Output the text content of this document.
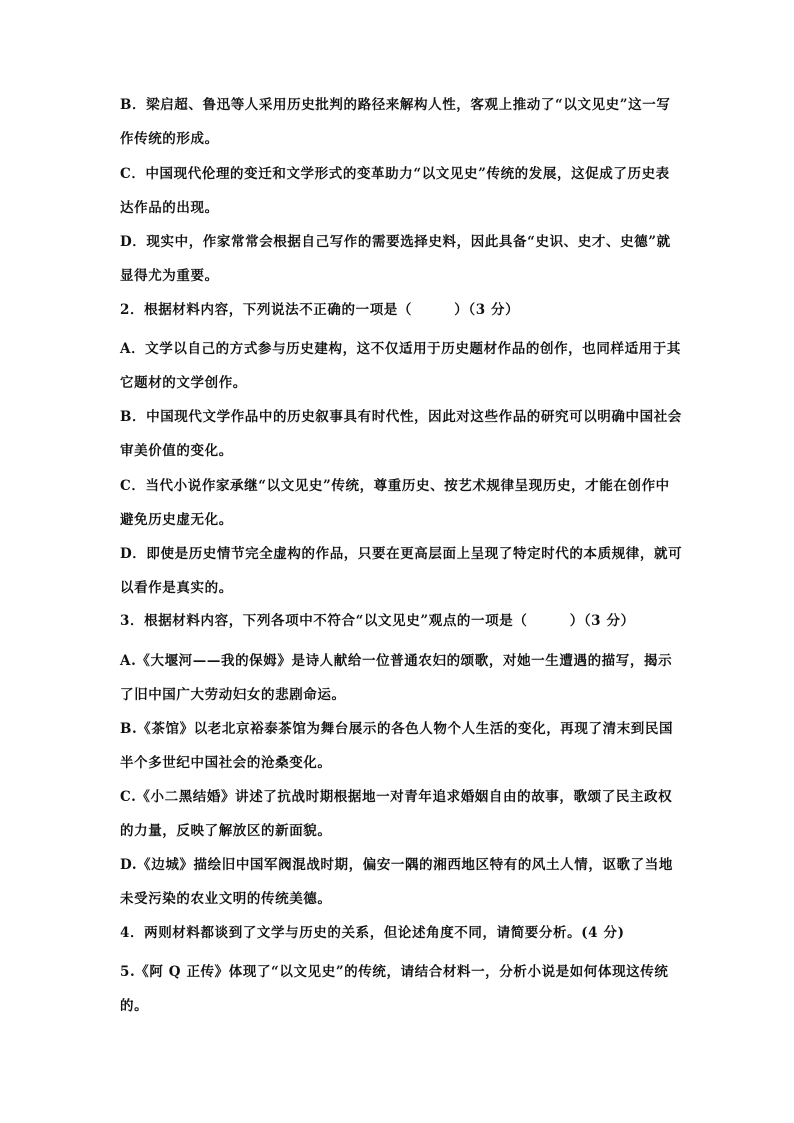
B．梁启超、鲁迅等人采用历史批判的路径来解构人性，客观上推动了“以文见史”这一写
作传统的形成。
C．中国现代伦理的变迁和文学形式的变革助力“以文见史”传统的发展，这促成了历史表
达作品的出现。
D．现实中，作家常常会根据自己写作的需要选择史料，因此具备“史识、史才、史德”就
显得尤为重要。
2．根据材料内容，下列说法不正确的一项是（　　　）（3 分）
A．文学以自己的方式参与历史建构，这不仅适用于历史题材作品的创作，也同样适用于其
它题材的文学创作。
B．中国现代文学作品中的历史叙事具有时代性，因此对这些作品的研究可以明确中国社会
审美价值的变化。
C．当代小说作家承继“以文见史”传统，尊重历史、按艺术规律呈现历史，才能在创作中
避免历史虚无化。
D．即使是历史情节完全虚构的作品，只要在更高层面上呈现了特定时代的本质规律，就可
以看作是真实的。
3．根据材料内容，下列各项中不符合“以文见史”观点的一项是（　　　）（3 分）
A.《大堰河——我的保姆》是诗人献给一位普通农妇的颂歌，对她一生遭遇的描写，揭示
了旧中国广大劳动妇女的悲剧命运。
B.《茶馆》以老北京裕泰茶馆为舞台展示的各色人物个人生活的变化，再现了清末到民国
半个多世纪中国社会的沧桑变化。
C.《小二黑结婚》讲述了抗战时期根据地一对青年追求婚姻自由的故事，歌颂了民主政权
的力量，反映了解放区的新面貌。
D.《边城》描绘旧中国军阀混战时期，偏安一隅的湘西地区特有的风土人情，讴歌了当地
未受污染的农业文明的传统美德。
4．两则材料都谈到了文学与历史的关系，但论述角度不同，请简要分析。(4 分)
5.《阿 Q 正传》体现了“以文见史”的传统，请结合材料一，分析小说是如何体现这传统
的。
